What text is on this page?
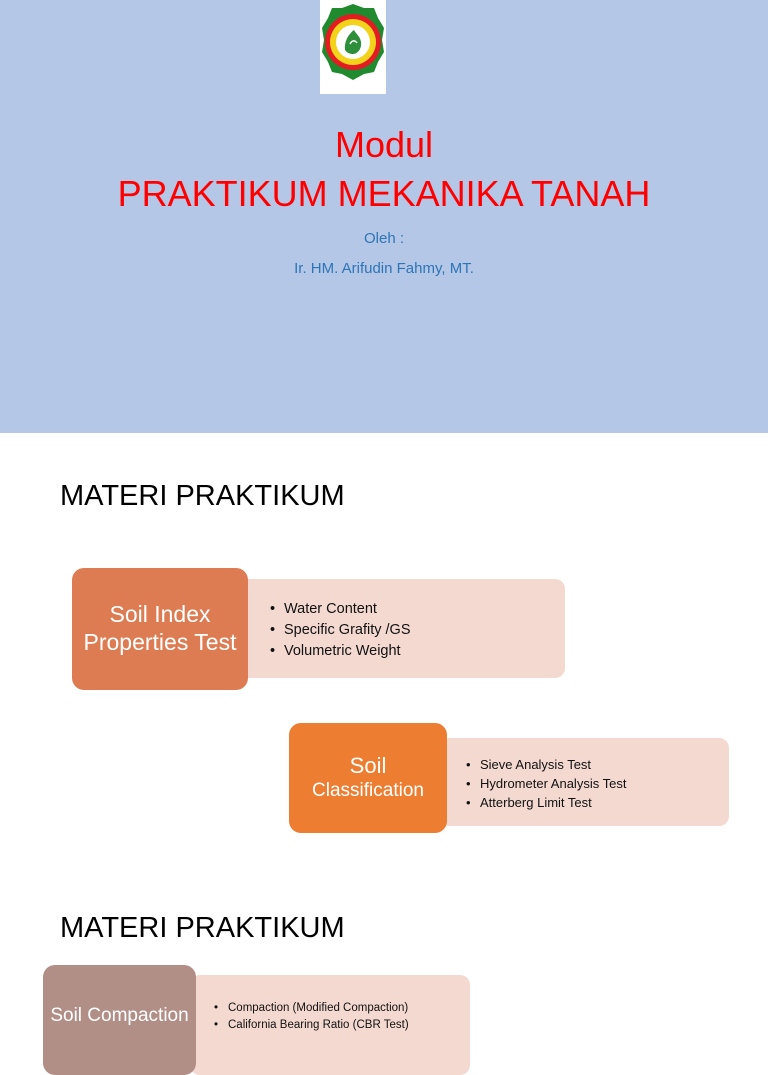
Modul
PRAKTIKUM MEKANIKA TANAH
Oleh :
Ir. HM. Arifudin Fahmy, MT.
MATERI PRAKTIKUM
Soil Index
Properties Test
• Water Content
• Specific Grafity /GS
• Volumetric Weight
Soil
Classification
• Sieve Analysis Test
• Hydrometer Analysis Test
• Atterberg Limit Test
MATERI PRAKTIKUM
Soil Compaction
•	Compaction (Modified Compaction)
• California Bearing Ratio (CBR Test)
